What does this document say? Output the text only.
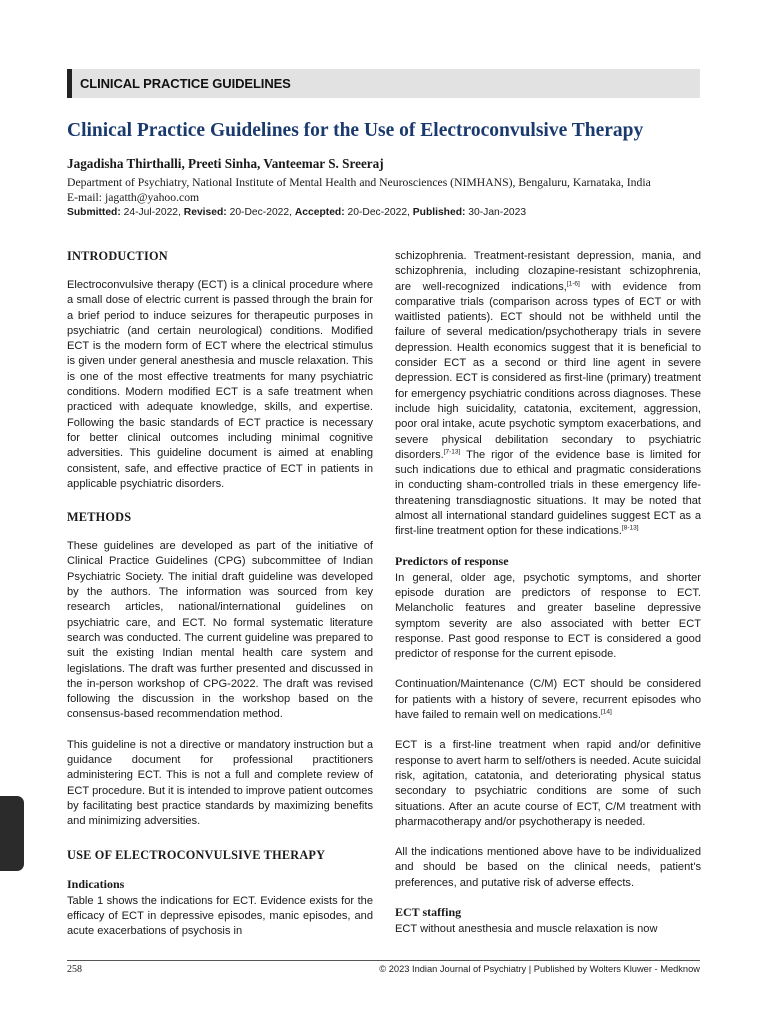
CLINICAL PRACTICE GUIDELINES
Clinical Practice Guidelines for the Use of Electroconvulsive Therapy

Jagadisha Thirthalli, Preeti Sinha, Vanteemar S. Sreeraj

Department of Psychiatry, National Institute of Mental Health and Neurosciences (NIMHANS), Bengaluru, Karnataka, India

E-mail: jagatth@yahoo.com

Submitted: 24-Jul-2022, Revised: 20-Dec-2022, Accepted: 20-Dec-2022, Published: 30-Jan-2023

INTRODUCTION

Electroconvulsive therapy (ECT) is a clinical procedure where a small dose of electric current is passed through the brain for a brief period to induce seizures for therapeutic purposes in psychiatric (and certain neurological) conditions. Modified ECT is the modern form of ECT where the electrical stimulus is given under general anesthesia and muscle relaxation. This is one of the most effective treatments for many psychiatric conditions. Modern modified ECT is a safe treatment when practiced with adequate knowledge, skills, and expertise. Following the basic standards of ECT practice is necessary for better clinical outcomes including minimal cognitive adversities. This guideline document is aimed at enabling consistent, safe, and effective practice of ECT in patients in applicable psychiatric disorders.

METHODS

These guidelines are developed as part of the initiative of Clinical Practice Guidelines (CPG) subcommittee of Indian Psychiatric Society. The initial draft guideline was developed by the authors. The information was sourced from key research articles, national/international guidelines on psychiatric care, and ECT. No formal systematic literature search was conducted. The current guideline was prepared to suit the existing Indian mental health care system and legislations. The draft was further presented and discussed in the in-person workshop of CPG-2022. The draft was revised following the discussion in the workshop based on the consensus-based recommendation method.

This guideline is not a directive or mandatory instruction but a guidance document for professional practitioners administering ECT. This is not a full and complete review of ECT procedure. But it is intended to improve patient outcomes by facilitating best practice standards by maximizing benefits and minimizing adversities.

USE OF ELECTROCONVULSIVE THERAPY
Indications

Table 1 shows the indications for ECT. Evidence exists for the efficacy of ECT in depressive episodes, manic episodes, and acute exacerbations of psychosis in

schizophrenia. Treatment-resistant depression, mania, and schizophrenia, including clozapine-resistant schizophrenia, are well-recognized indications,[1-6] with evidence from comparative trials (comparison across types of ECT or with waitlisted patients). ECT should not be withheld until the failure of several medication/psychotherapy trials in severe depression. Health economics suggest that it is beneficial to consider ECT as a second or third line agent in severe depression. ECT is considered as first-line (primary) treatment for emergency psychiatric conditions across diagnoses. These include high suicidality, catatonia, excitement, aggression, poor oral intake, acute psychotic symptom exacerbations, and severe physical debilitation secondary to psychiatric disorders.[7-13] The rigor of the evidence base is limited for such indications due to ethical and pragmatic considerations in conducting sham-controlled trials in these emergency life-threatening transdiagnostic situations. It may be noted that almost all international standard guidelines suggest ECT as a first-line treatment option for these indications.[8-13]

Predictors of response

In general, older age, psychotic symptoms, and shorter episode duration are predictors of response to ECT. Melancholic features and greater baseline depressive symptom severity are also associated with better ECT response. Past good response to ECT is considered a good predictor of response for the current episode.

Continuation/Maintenance (C/M) ECT should be considered for patients with a history of severe, recurrent episodes who have failed to remain well on medications.[14]

ECT is a first-line treatment when rapid and/or definitive response to avert harm to self/others is needed. Acute suicidal risk, agitation, catatonia, and deteriorating physical status secondary to psychiatric conditions are some of such situations. After an acute course of ECT, C/M treatment with pharmacotherapy and/or psychotherapy is needed.

All the indications mentioned above have to be individualized and should be based on the clinical needs, patient's preferences, and putative risk of adverse effects.

ECT staffing

ECT without anesthesia and muscle relaxation is now

258	© 2023 Indian Journal of Psychiatry | Published by Wolters Kluwer - Medknow
